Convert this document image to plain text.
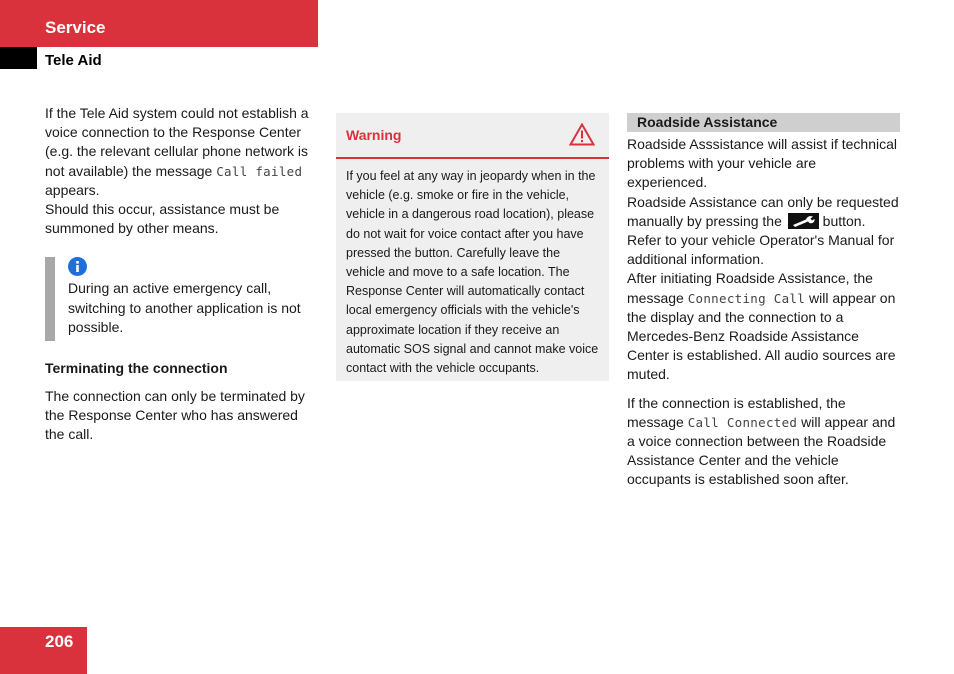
Service
Tele Aid

If the Tele Aid system could not establish a voice connection to the Response Center (e.g. the relevant cellular phone network is not available) the message Call failed appears.

Should this occur, assistance must be summoned by other means.

During an active emergency call, switching to another application is not possible.

Terminating the connection

The connection can only be terminated by the Response Center who has answered the call.

Warning

If you feel at any way in jeopardy when in the vehicle (e.g. smoke or fire in the vehicle, vehicle in a dangerous road location), please do not wait for voice contact after you have pressed the button. Carefully leave the vehicle and move to a safe location. The Response Center will automatically contact local emergency officials with the vehicle's approximate location if they receive an automatic SOS signal and cannot make voice contact with the vehicle occupants.

Roadside Assistance

Roadside Asssistance will assist if technical problems with your vehicle are experienced.

Roadside Assistance can only be requested manually by pressing the  button. Refer to your vehicle Operator's Manual for additional information.

After initiating Roadside Assistance, the message Connecting Call will appear on the display and the connection to a Mercedes-Benz Roadside Assistance Center is established. All audio sources are muted.

If the connection is established, the message Call Connected will appear and a voice connection between the Roadside Assistance Center and the vehicle occupants is established soon after.

206
